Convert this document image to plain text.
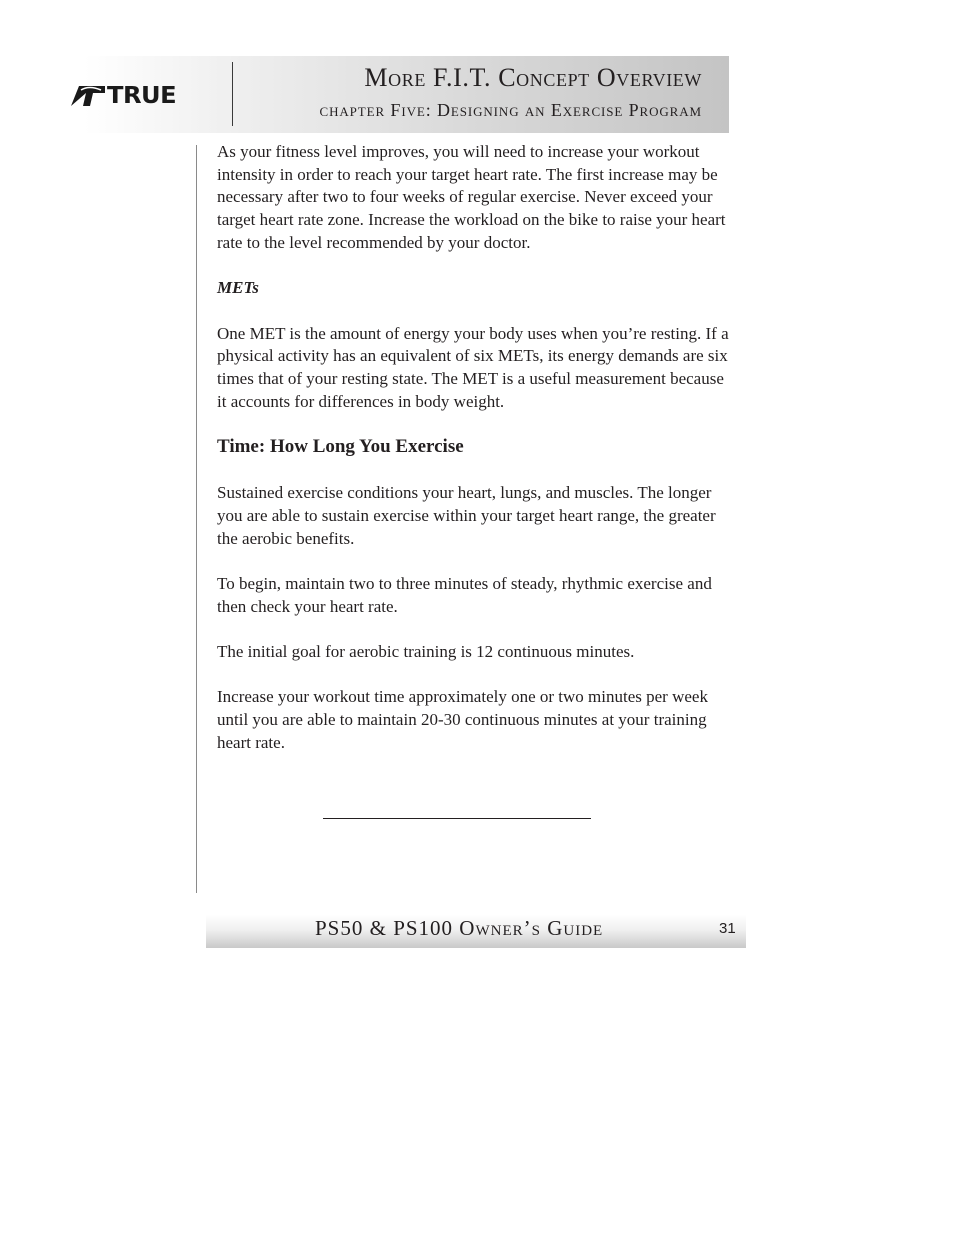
TRUE
More F.I.T. Concept Overview
chapter Five: Designing an Exercise Program

As your fitness level improves, you will need to increase your workout intensity in order to reach your target heart rate. The first increase may be necessary after two to four weeks of regular exercise. Never exceed your target heart rate zone. Increase the workload on the bike to raise your heart rate to the level recommended by your doctor.

METs

One MET is the amount of energy your body uses when you’re resting. If a physical activity has an equivalent of six METs, its energy demands are six times that of your resting state. The MET is a useful measurement because it accounts for differences in body weight.

Time: How Long You Exercise

Sustained exercise conditions your heart, lungs, and muscles. The longer you are able to sustain exercise within your target heart range, the greater the aerobic benefits.

To begin, maintain two to three minutes of steady, rhythmic exercise and then check your heart rate.

The initial goal for aerobic training is 12 continuous minutes.

Increase your workout time approximately one or two minutes per week until you are able to maintain 20-30 continuous minutes at your training heart rate.

PS50 & PS100 Owner’s Guide	31
